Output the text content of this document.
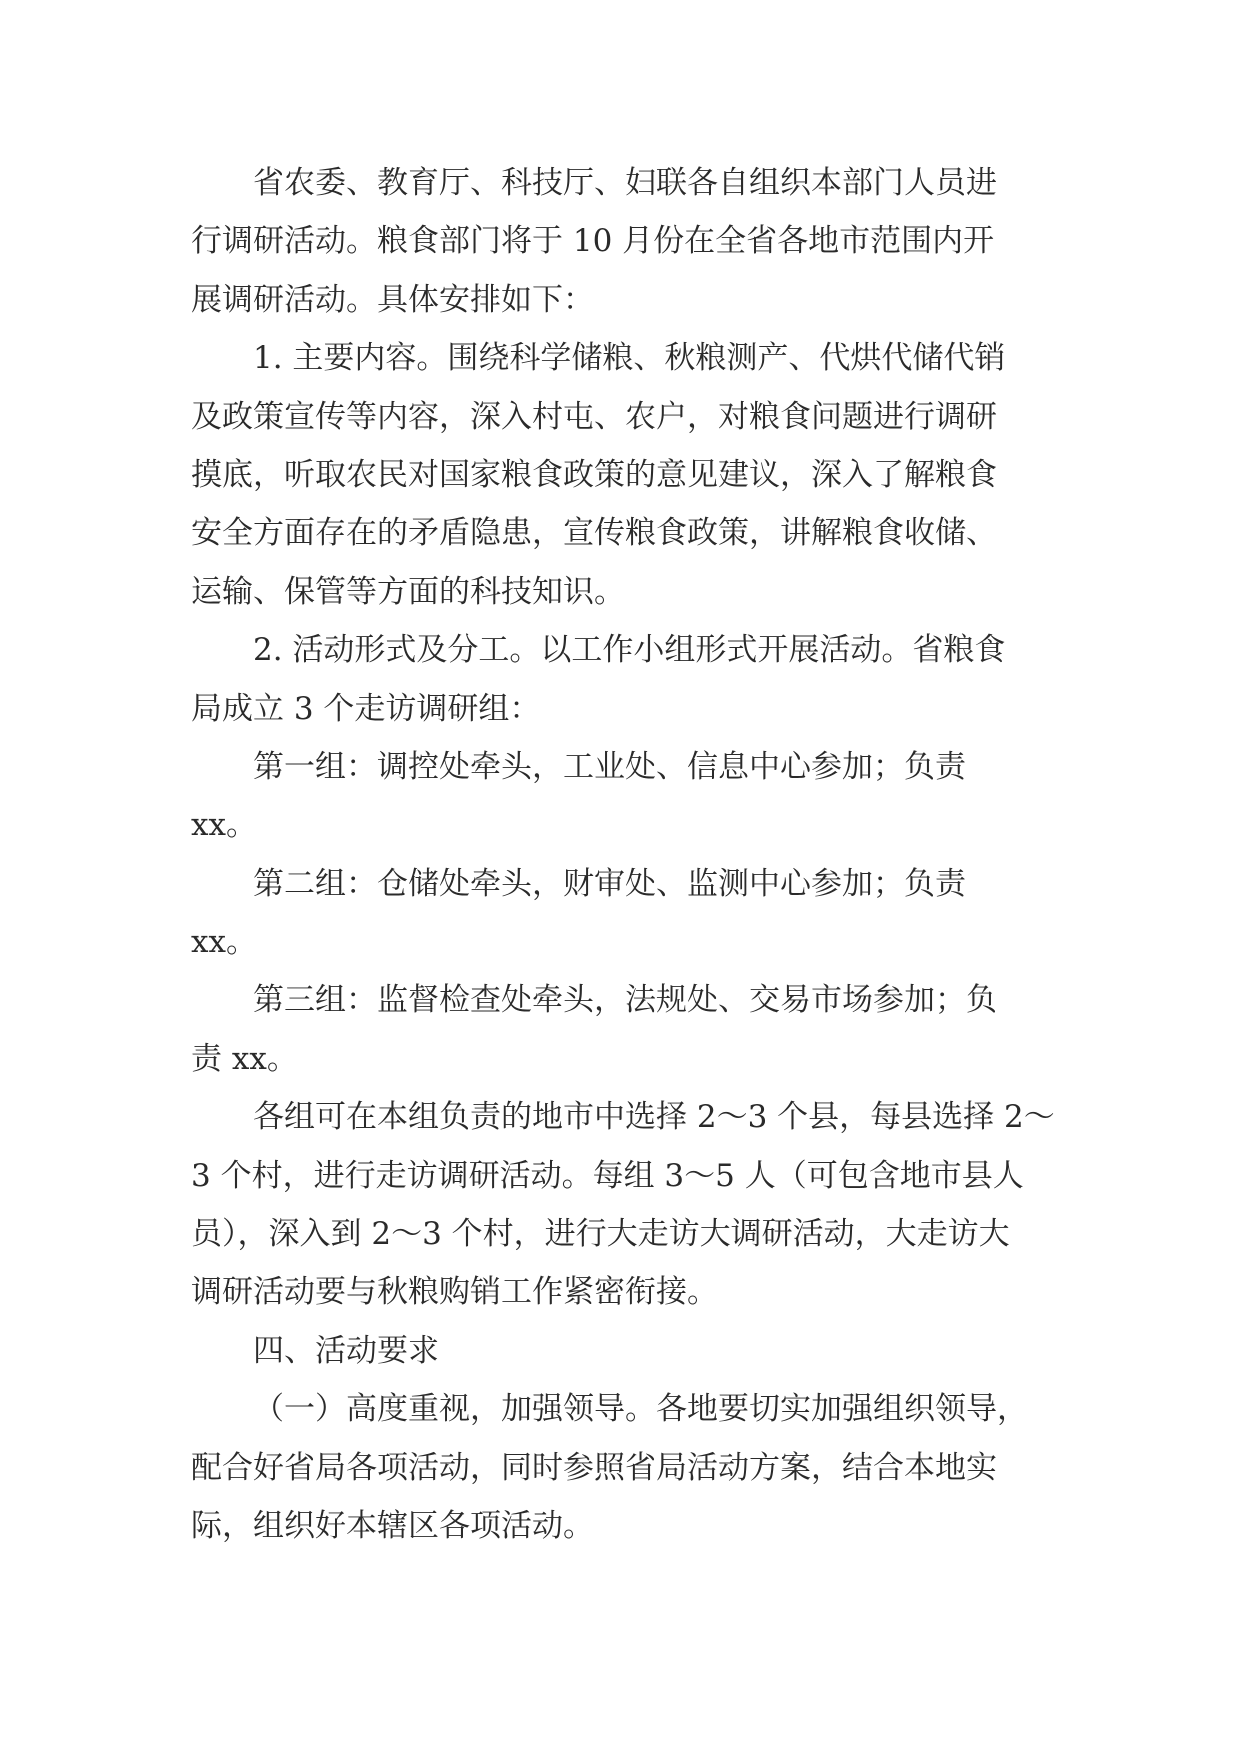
省农委、教育厅、科技厅、妇联各自组织本部门人员进
行调研活动。粮食部门将于 10 月份在全省各地市范围内开
展调研活动。具体安排如下：
1. 主要内容。围绕科学储粮、秋粮测产、代烘代储代销
及政策宣传等内容，深入村屯、农户，对粮食问题进行调研
摸底，听取农民对国家粮食政策的意见建议，深入了解粮食
安全方面存在的矛盾隐患，宣传粮食政策，讲解粮食收储、
运输、保管等方面的科技知识。
2. 活动形式及分工。以工作小组形式开展活动。省粮食
局成立 3 个走访调研组：
第一组：调控处牵头，工业处、信息中心参加；负责
xx。
第二组：仓储处牵头，财审处、监测中心参加；负责
xx。
第三组：监督检查处牵头，法规处、交易市场参加；负
责 xx。
各组可在本组负责的地市中选择 2～3 个县，每县选择 2～
3 个村，进行走访调研活动。每组 3～5 人（可包含地市县人
员），深入到 2～3 个村，进行大走访大调研活动，大走访大
调研活动要与秋粮购销工作紧密衔接。
四、活动要求
（一）高度重视，加强领导。各地要切实加强组织领导，
配合好省局各项活动，同时参照省局活动方案，结合本地实
际，组织好本辖区各项活动。
